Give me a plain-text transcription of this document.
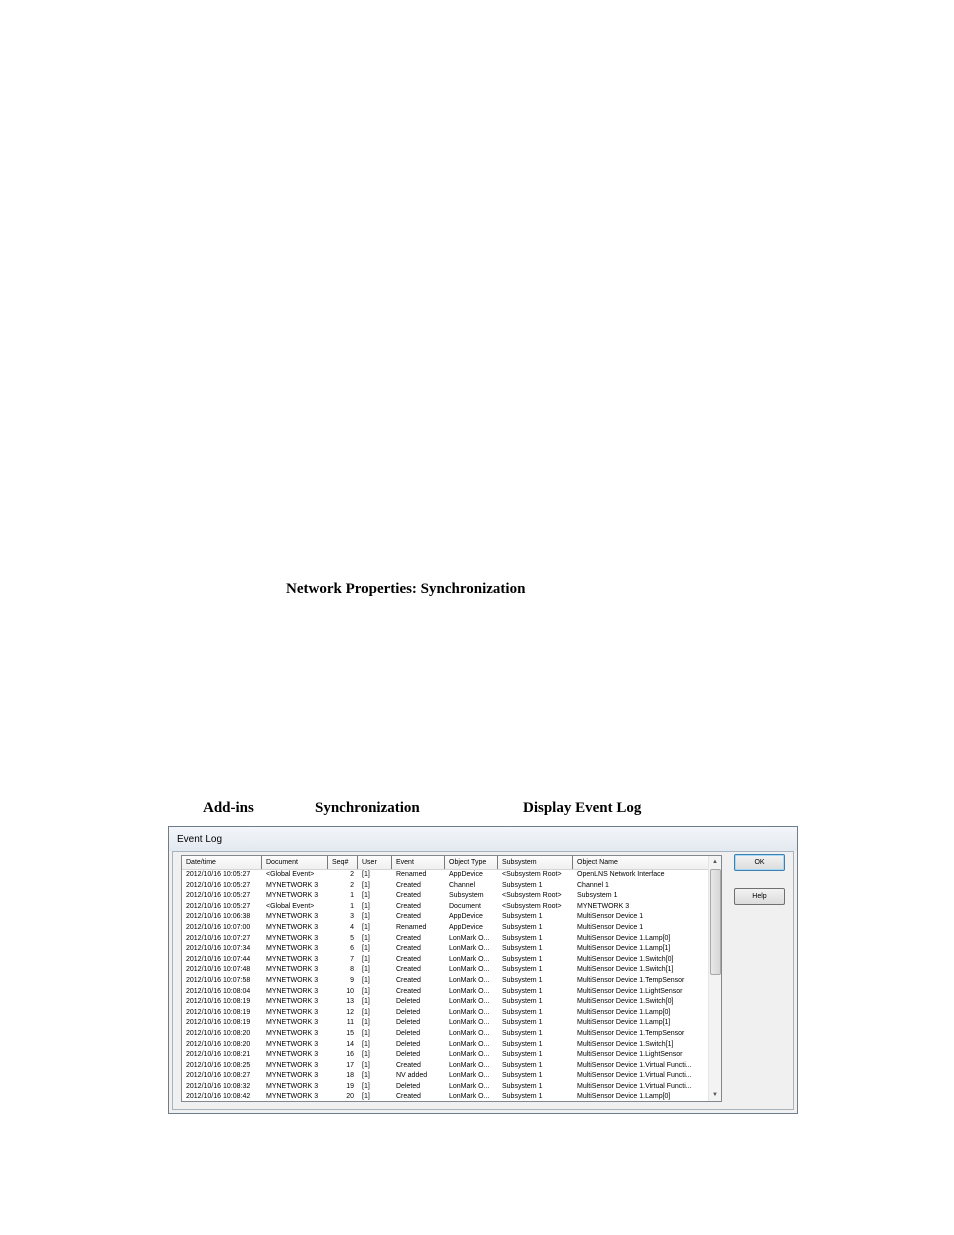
Network Properties: Synchronization
Add-ins	Synchronization	Display Event Log
Event Log
Date/time	Document	Seq#	User	Event	Object Type	Subsystem	Object Name
2012/10/16 10:05:27	<Global Event>	2	[1]	Renamed	AppDevice	<Subsystem Root>	OpenLNS Network Interface
2012/10/16 10:05:27	MYNETWORK 3	2	[1]	Created	Channel	Subsystem 1	Channel 1
2012/10/16 10:05:27	MYNETWORK 3	1	[1]	Created	Subsystem	<Subsystem Root>	Subsystem 1
2012/10/16 10:05:27	<Global Event>	1	[1]	Created	Document	<Subsystem Root>	MYNETWORK 3
2012/10/16 10:06:38	MYNETWORK 3	3	[1]	Created	AppDevice	Subsystem 1	MultiSensor Device 1
2012/10/16 10:07:00	MYNETWORK 3	4	[1]	Renamed	AppDevice	Subsystem 1	MultiSensor Device 1
2012/10/16 10:07:27	MYNETWORK 3	5	[1]	Created	LonMark O...	Subsystem 1	MultiSensor Device 1.Lamp[0]
2012/10/16 10:07:34	MYNETWORK 3	6	[1]	Created	LonMark O...	Subsystem 1	MultiSensor Device 1.Lamp[1]
2012/10/16 10:07:44	MYNETWORK 3	7	[1]	Created	LonMark O...	Subsystem 1	MultiSensor Device 1.Switch[0]
2012/10/16 10:07:48	MYNETWORK 3	8	[1]	Created	LonMark O...	Subsystem 1	MultiSensor Device 1.Switch[1]
2012/10/16 10:07:58	MYNETWORK 3	9	[1]	Created	LonMark O...	Subsystem 1	MultiSensor Device 1.TempSensor
2012/10/16 10:08:04	MYNETWORK 3	10	[1]	Created	LonMark O...	Subsystem 1	MultiSensor Device 1.LightSensor
2012/10/16 10:08:19	MYNETWORK 3	13	[1]	Deleted	LonMark O...	Subsystem 1	MultiSensor Device 1.Switch[0]
2012/10/16 10:08:19	MYNETWORK 3	12	[1]	Deleted	LonMark O...	Subsystem 1	MultiSensor Device 1.Lamp[0]
2012/10/16 10:08:19	MYNETWORK 3	11	[1]	Deleted	LonMark O...	Subsystem 1	MultiSensor Device 1.Lamp[1]
2012/10/16 10:08:20	MYNETWORK 3	15	[1]	Deleted	LonMark O...	Subsystem 1	MultiSensor Device 1.TempSensor
2012/10/16 10:08:20	MYNETWORK 3	14	[1]	Deleted	LonMark O...	Subsystem 1	MultiSensor Device 1.Switch[1]
2012/10/16 10:08:21	MYNETWORK 3	16	[1]	Deleted	LonMark O...	Subsystem 1	MultiSensor Device 1.LightSensor
2012/10/16 10:08:25	MYNETWORK 3	17	[1]	Created	LonMark O...	Subsystem 1	MultiSensor Device 1.Virtual Functi...
2012/10/16 10:08:27	MYNETWORK 3	18	[1]	NV added	LonMark O...	Subsystem 1	MultiSensor Device 1.Virtual Functi...
2012/10/16 10:08:32	MYNETWORK 3	19	[1]	Deleted	LonMark O...	Subsystem 1	MultiSensor Device 1.Virtual Functi...
2012/10/16 10:08:42	MYNETWORK 3	20	[1]	Created	LonMark O...	Subsystem 1	MultiSensor Device 1.Lamp[0]
▲
▼
OK
Help
